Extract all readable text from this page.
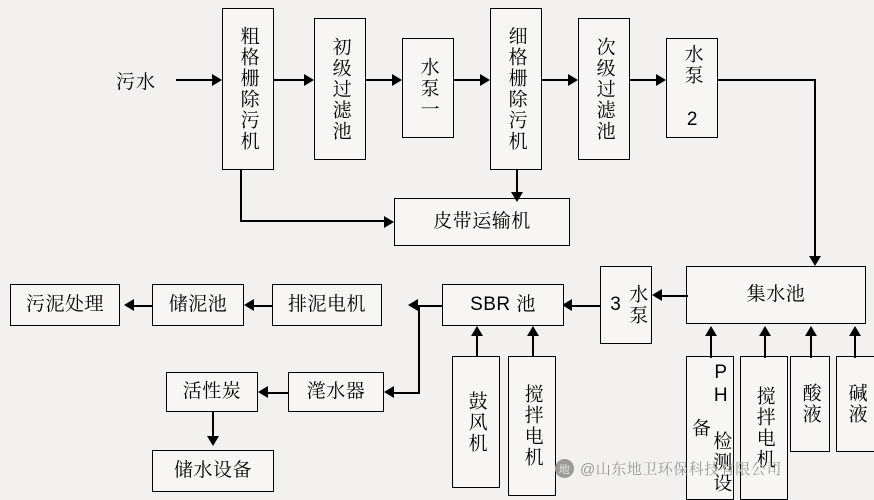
污水	粗格栅除污机	初级过滤池	水泵一	细格栅除污机	次级过滤池	水泵 2
皮带运输机
集水池
水泵 3
SBR 池
排泥电机
储泥池
污泥处理
滗水器
活性炭
储水设备
鼓风机	搅拌电机	PH 检测设备	搅拌电机	酸液	碱液
地 @山东地卫环保科技有限公司
